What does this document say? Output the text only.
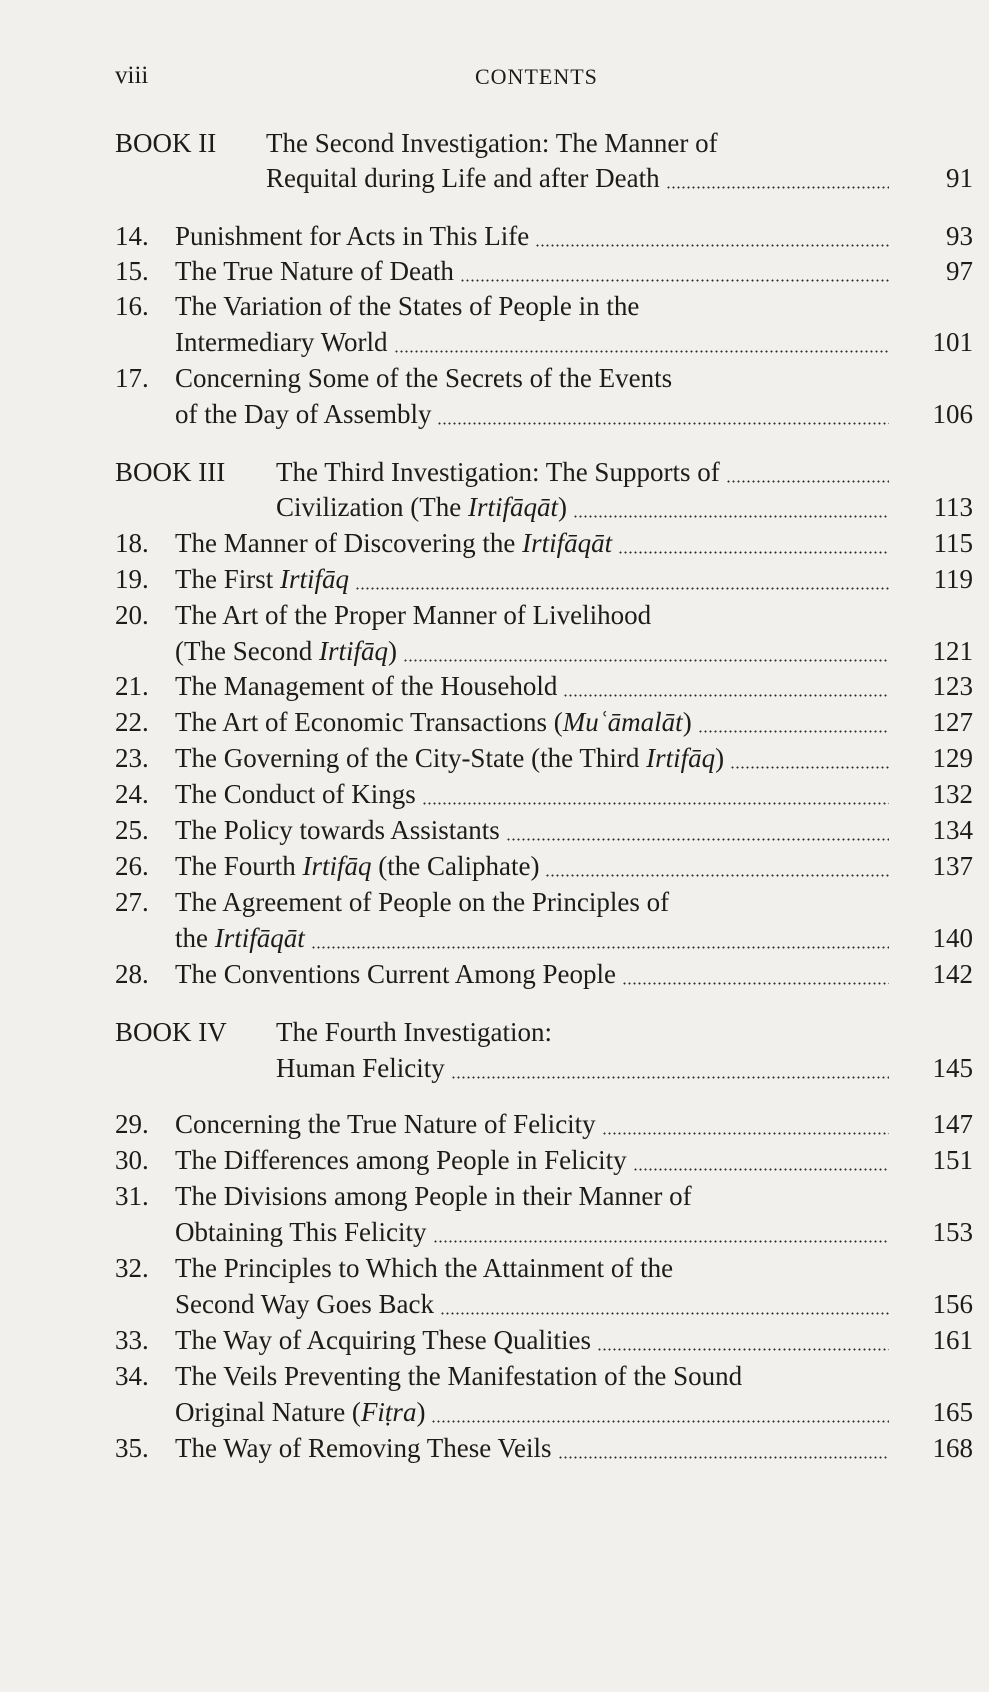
viii	CONTENTS
BOOK II The Second Investigation: The Manner of
Requital during Life and after Death	91
14. Punishment for Acts in This Life	93
15. The True Nature of Death	97
16. The Variation of the States of People in the
Intermediary World	101
17. Concerning Some of the Secrets of the Events
of the Day of Assembly	106
BOOK III The Third Investigation: The Supports of
Civilization (The Irtifāqāt)	113
18. The Manner of Discovering the Irtifāqāt	115
19. The First Irtifāq	119
20. The Art of the Proper Manner of Livelihood
(The Second Irtifāq)	121
21. The Management of the Household	123
22. The Art of Economic Transactions (Muʿāmalāt)	127
23. The Governing of the City-State (the Third Irtifāq)	129
24. The Conduct of Kings	132
25. The Policy towards Assistants	134
26. The Fourth Irtifāq (the Caliphate)	137
27. The Agreement of People on the Principles of
the Irtifāqāt	140
28. The Conventions Current Among People	142
BOOK IV The Fourth Investigation:
Human Felicity	145
29. Concerning the True Nature of Felicity	147
30. The Differences among People in Felicity	151
31. The Divisions among People in their Manner of
Obtaining This Felicity	153
32. The Principles to Which the Attainment of the
Second Way Goes Back	156
33. The Way of Acquiring These Qualities	161
34. The Veils Preventing the Manifestation of the Sound
Original Nature (Fiṭra)	165
35. The Way of Removing These Veils	168
